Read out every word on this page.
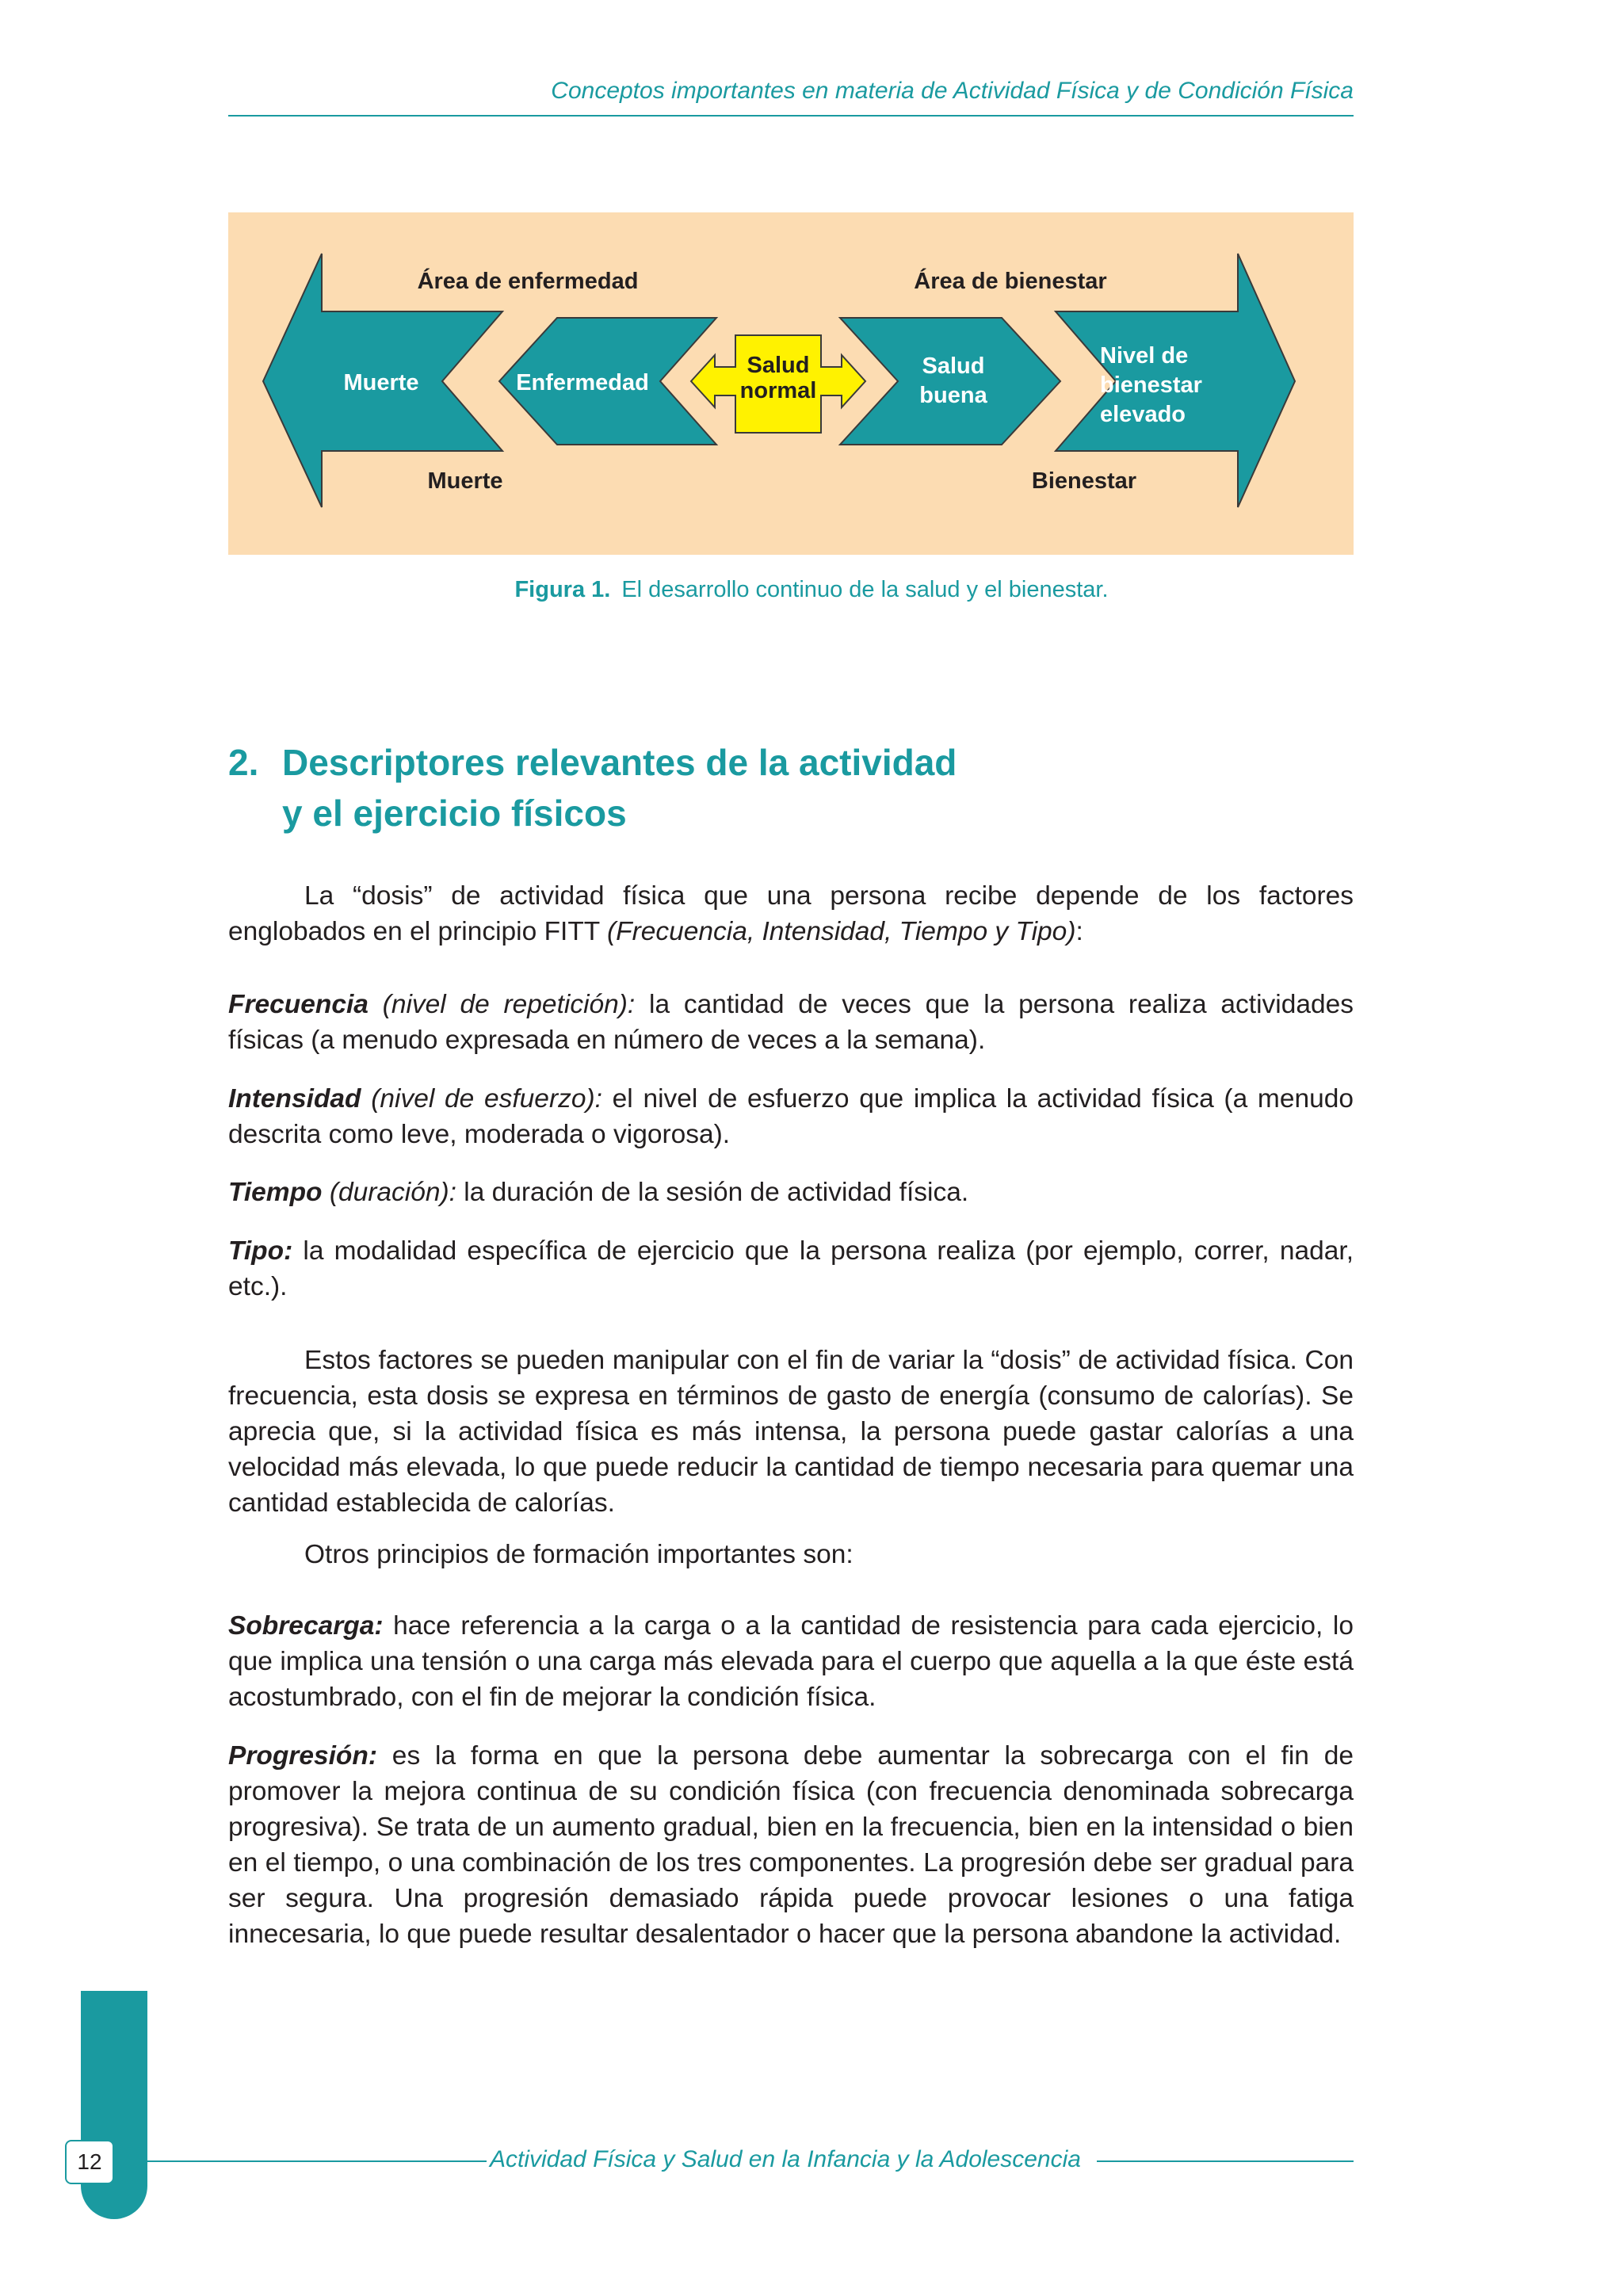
Conceptos importantes en materia de Actividad Física y de Condición Física
Área de enfermedad	Área de bienestar
Muerte	Bienestar
Muerte	Enfermedad
Salud
normal
Salud
buena
Nivel de
bienestar
elevado
Figura 1. El desarrollo continuo de la salud y el bienestar.
2. Descriptores relevantes de la actividad
y el ejercicio físicos

La “dosis” de actividad física que una persona recibe depende de los factores englobados en el principio FITT (Frecuencia, Intensidad, Tiempo y Tipo):

Frecuencia (nivel de repetición): la cantidad de veces que la persona realiza actividades físicas (a menudo expresada en número de veces a la semana).

Intensidad (nivel de esfuerzo): el nivel de esfuerzo que implica la actividad física (a menudo descrita como leve, moderada o vigorosa).

Tiempo (duración): la duración de la sesión de actividad física.

Tipo: la modalidad específica de ejercicio que la persona realiza (por ejemplo, correr, nadar, etc.).

Estos factores se pueden manipular con el fin de variar la “dosis” de actividad física. Con frecuencia, esta dosis se expresa en términos de gasto de energía (consumo de calorías). Se aprecia que, si la actividad física es más intensa, la persona puede gastar calorías a una velocidad más elevada, lo que puede reducir la cantidad de tiempo necesaria para quemar una cantidad establecida de calorías.

Otros principios de formación importantes son:

Sobrecarga: hace referencia a la carga o a la cantidad de resistencia para cada ejercicio, lo que implica una tensión o una carga más elevada para el cuerpo que aquella a la que éste está acostumbrado, con el fin de mejorar la condición física.

Progresión: es la forma en que la persona debe aumentar la sobrecarga con el fin de promover la mejora continua de su condición física (con frecuencia denominada sobrecarga progresiva). Se trata de un aumento gradual, bien en la frecuencia, bien en la intensidad o bien en el tiempo, o una combinación de los tres componentes. La progresión debe ser gradual para ser segura. Una progresión demasiado rápida puede provocar lesiones o una fatiga innecesaria, lo que puede resultar desalentador o hacer que la persona abandone la actividad.

12	Actividad Física y Salud en la Infancia y la Adolescencia
